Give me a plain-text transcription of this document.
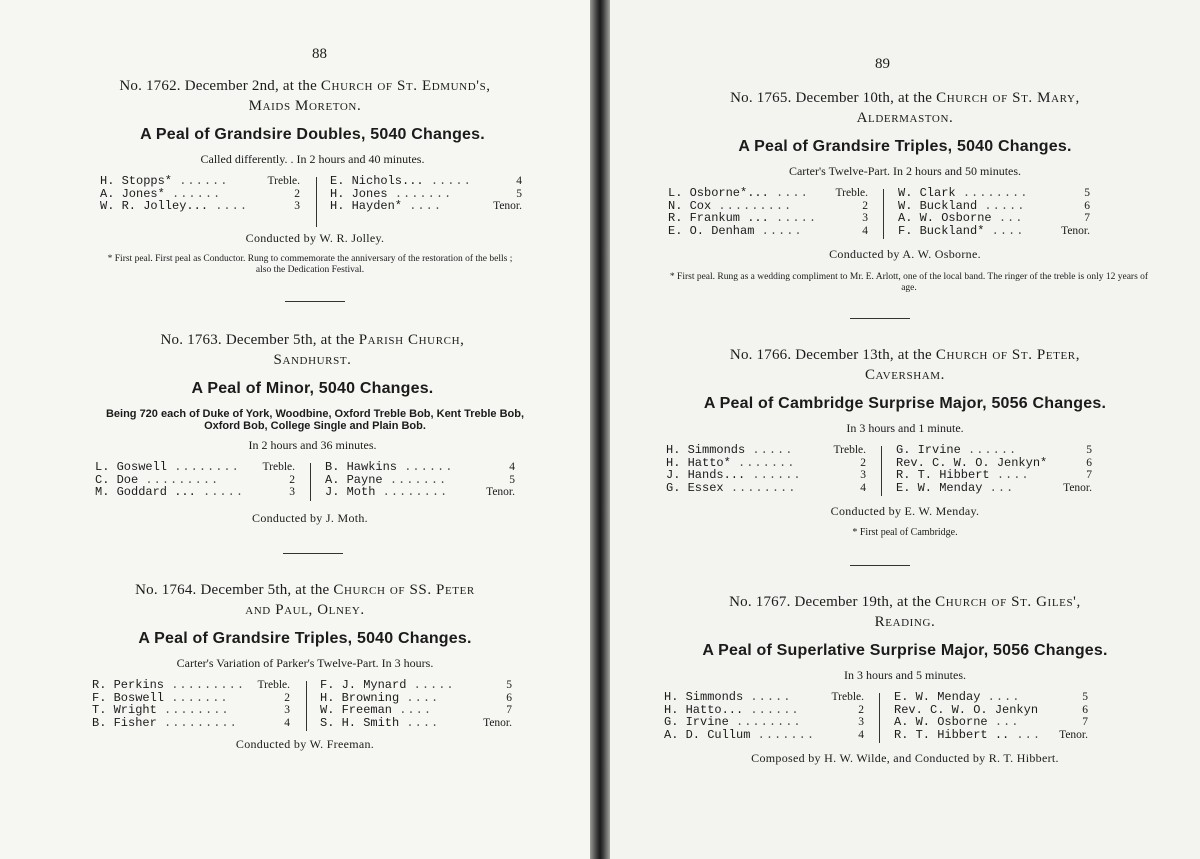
88
No. 1762. December 2nd, at the Church of St. Edmund's,
Maids Moreton.
A Peal of Grandsire Doubles, 5040 Changes.
Called differently. . In 2 hours and 40 minutes.
H. Stopps* ......	Treble.
A. Jones* ......	2
W. R. Jolley... ....	3
E. Nichols... .....	4
H. Jones .......	5
H. Hayden* ....	Tenor.
Conducted by W. R. Jolley.
* First peal. First peal as Conductor. Rung to commemorate the anniversary of the restoration of the bells ; also the Dedication Festival.
No. 1763. December 5th, at the Parish Church,
Sandhurst.
A Peal of Minor, 5040 Changes.
Being 720 each of Duke of York, Woodbine, Oxford Treble Bob, Kent Treble Bob, Oxford Bob, College Single and Plain Bob.
In 2 hours and 36 minutes.
L. Goswell ........ Treble.
C. Doe .........	2
M. Goddard ... .....	3
B. Hawkins ......	4
A. Payne .......	5
J. Moth ........	Tenor.
Conducted by J. Moth.
No. 1764. December 5th, at the Church of SS. Peter
and Paul, Olney.
A Peal of Grandsire Triples, 5040 Changes.
Carter's Variation of Parker's Twelve-Part. In 3 hours.
R. Perkins ......... Treble.
F. Boswell .......	2
T. Wright ........	3
B. Fisher .........	4
F. J. Mynard .....	5
H. Browning ....	6
W. Freeman ....	7
S. H. Smith ....	Tenor.
Conducted by W. Freeman.
89
No. 1765. December 10th, at the Church of St. Mary,
Aldermaston.
A Peal of Grandsire Triples, 5040 Changes.
Carter's Twelve-Part. In 2 hours and 50 minutes.
L. Osborne*... .... Treble.
N. Cox .........	2
R. Frankum ... .....	3
E. O. Denham .....	4
W. Clark ........	5
W. Buckland .....	6
A. W. Osborne ...	7
F. Buckland* ....	Tenor.
Conducted by A. W. Osborne.
* First peal. Rung as a wedding compliment to Mr. E. Arlott, one of the local band. The ringer of the treble is only 12 years of age.
No. 1766. December 13th, at the Church of St. Peter,
Caversham.
A Peal of Cambridge Surprise Major, 5056 Changes.
In 3 hours and 1 minute.
H. Simmonds .....	Treble.
H. Hatto* .......	2
J. Hands... ......	3
G. Essex ........	4
G. Irvine ......	5
Rev. C. W. O. Jenkyn*	6
R. T. Hibbert ....	7
E. W. Menday ...	Tenor.
Conducted by E. W. Menday.
* First peal of Cambridge.
No. 1767. December 19th, at the Church of St. Giles',
Reading.
A Peal of Superlative Surprise Major, 5056 Changes.
In 3 hours and 5 minutes.
H. Simmonds .....	Treble.
H. Hatto... ......	2
G. Irvine ........	3
A. D. Cullum .......	4
E. W. Menday ....	5
Rev. C. W. O. Jenkyn	6
A. W. Osborne ...	7
R. T. Hibbert .. ... Tenor.
Composed by H. W. Wilde, and Conducted by R. T. Hibbert.
